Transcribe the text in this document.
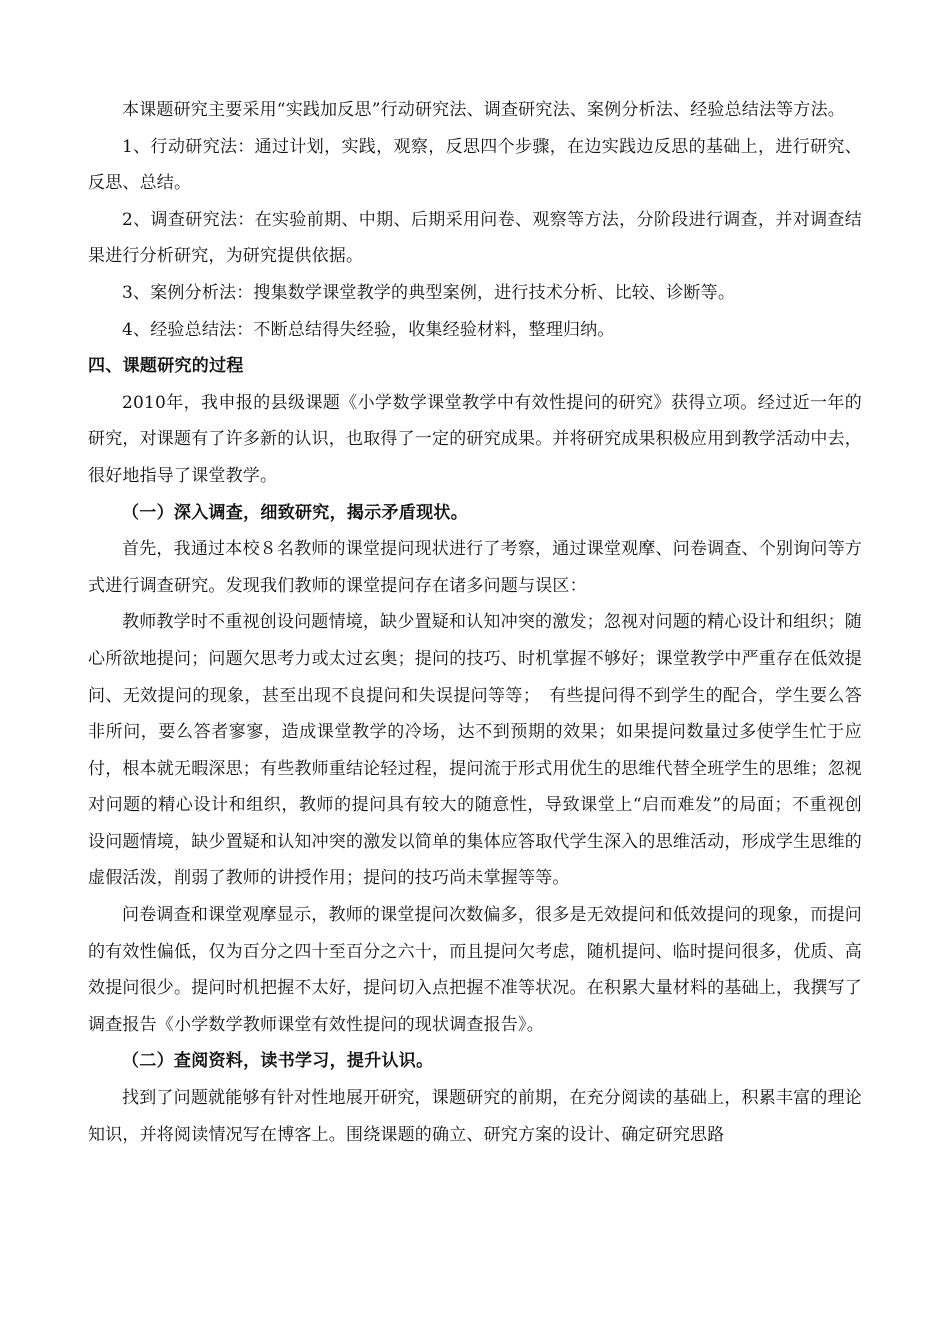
本课题研究主要采用“实践加反思”行动研究法、调查研究法、案例分析法、经验总结法等方法。

1、行动研究法：通过计划，实践，观察，反思四个步骤，在边实践边反思的基础上，进行研究、反思、总结。

2、调查研究法：在实验前期、中期、后期采用问卷、观察等方法，分阶段进行调查，并对调查结果进行分析研究，为研究提供依据。

3、案例分析法：搜集数学课堂教学的典型案例，进行技术分析、比较、诊断等。

4、经验总结法：不断总结得失经验，收集经验材料，整理归纳。

四、课题研究的过程

2010年，我申报的县级课题《小学数学课堂教学中有效性提问的研究》获得立项。经过近一年的研究，对课题有了许多新的认识，也取得了一定的研究成果。并将研究成果积极应用到教学活动中去，很好地指导了课堂教学。

（一）深入调查，细致研究，揭示矛盾现状。

首先，我通过本校８名教师的课堂提问现状进行了考察，通过课堂观摩、问卷调查、个别询问等方式进行调查研究。发现我们教师的课堂提问存在诸多问题与误区：

教师教学时不重视创设问题情境，缺少置疑和认知冲突的激发；忽视对问题的精心设计和组织；随心所欲地提问；问题欠思考力或太过玄奥；提问的技巧、时机掌握不够好；课堂教学中严重存在低效提问、无效提问的现象，甚至出现不良提问和失误提问等等；　有些提问得不到学生的配合，学生要么答非所问，要么答者寥寥，造成课堂教学的冷场，达不到预期的效果；如果提问数量过多使学生忙于应付，根本就无暇深思；有些教师重结论轻过程，提问流于形式用优生的思维代替全班学生的思维；忽视对问题的精心设计和组织，教师的提问具有较大的随意性，导致课堂上“启而难发”的局面；不重视创设问题情境，缺少置疑和认知冲突的激发以简单的集体应答取代学生深入的思维活动，形成学生思维的虚假活泼，削弱了教师的讲授作用；提问的技巧尚未掌握等等。

问卷调查和课堂观摩显示，教师的课堂提问次数偏多，很多是无效提问和低效提问的现象，而提问的有效性偏低，仅为百分之四十至百分之六十，而且提问欠考虑，随机提问、临时提问很多，优质、高效提问很少。提问时机把握不太好，提问切入点把握不准等状况。在积累大量材料的基础上，我撰写了调查报告《小学数学教师课堂有效性提问的现状调查报告》。

（二）查阅资料，读书学习，提升认识。

找到了问题就能够有针对性地展开研究，课题研究的前期，在充分阅读的基础上，积累丰富的理论知识，并将阅读情况写在博客上。围绕课题的确立、研究方案的设计、确定研究思路
